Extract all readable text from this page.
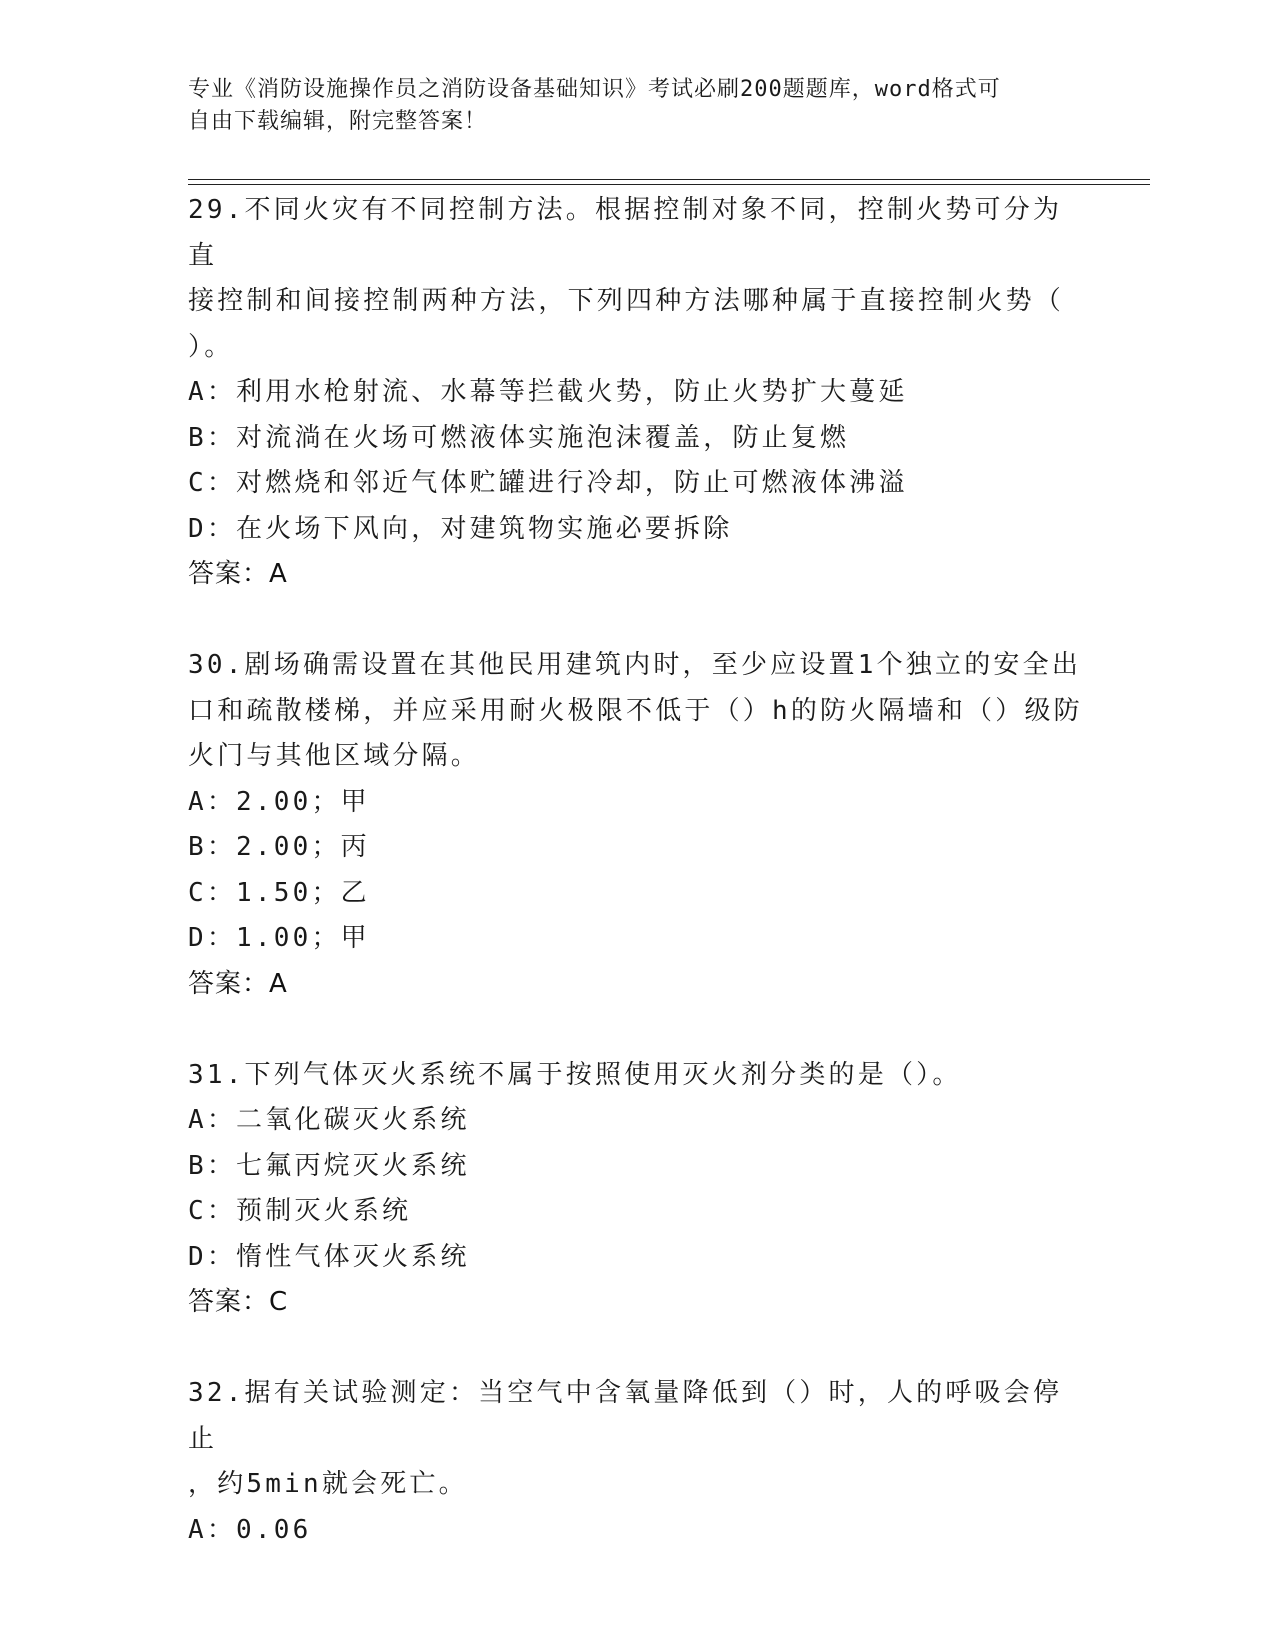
专业《消防设施操作员之消防设备基础知识》考试必刷200题题库，word格式可
自由下载编辑，附完整答案！

29.不同火灾有不同控制方法。根据控制对象不同，控制火势可分为直

接控制和间接控制两种方法，下列四种方法哪种属于直接控制火势（

）。

A：利用水枪射流、水幕等拦截火势，防止火势扩大蔓延

B：对流淌在火场可燃液体实施泡沫覆盖，防止复燃

C：对燃烧和邻近气体贮罐进行冷却，防止可燃液体沸溢

D：在火场下风向，对建筑物实施必要拆除

答案：A

30.剧场确需设置在其他民用建筑内时，至少应设置1个独立的安全出

口和疏散楼梯，并应采用耐火极限不低于（）h的防火隔墙和（）级防

火门与其他区域分隔。

A：2.00；甲

B：2.00；丙

C：1.50；乙

D：1.00；甲

答案：A

31.下列气体灭火系统不属于按照使用灭火剂分类的是（）。

A：二氧化碳灭火系统

B：七氟丙烷灭火系统

C：预制灭火系统

D：惰性气体灭火系统

答案：C

32.据有关试验测定：当空气中含氧量降低到（）时，人的呼吸会停止

，约5min就会死亡。

A：0.06
